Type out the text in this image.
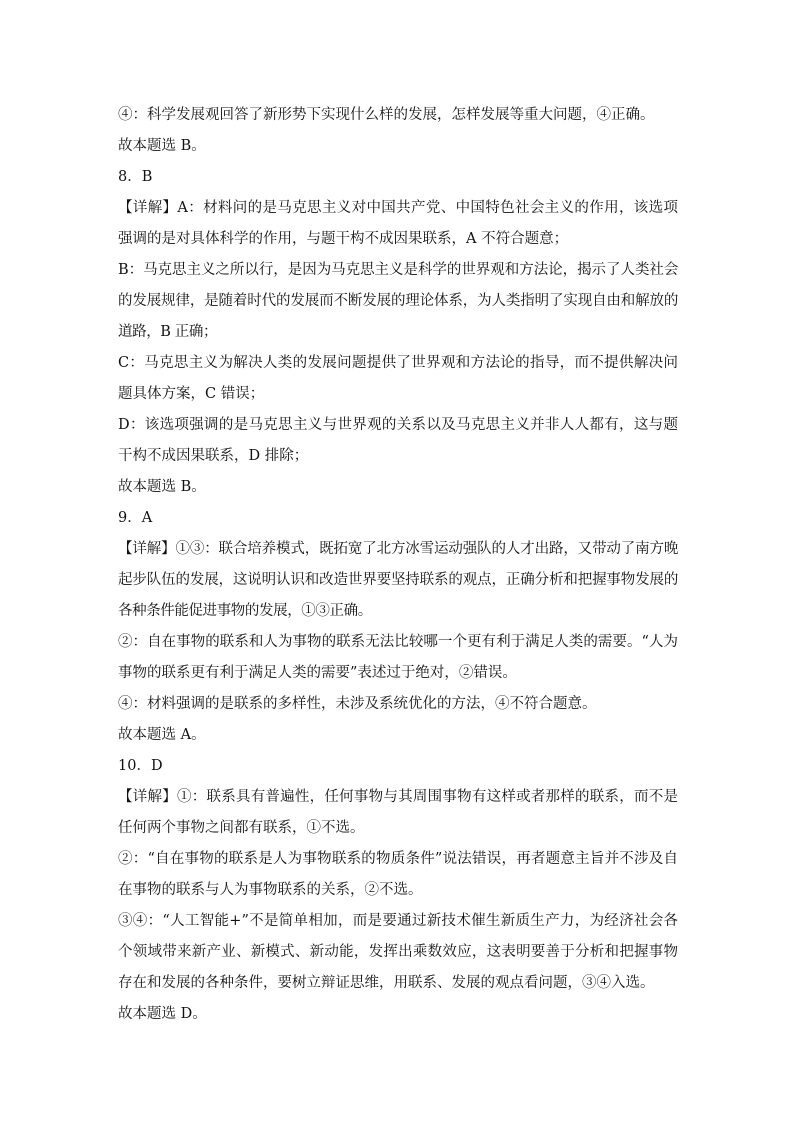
④：科学发展观回答了新形势下实现什么样的发展，怎样发展等重大问题，④正确。

故本题选 B。

8．B

【详解】A：材料问的是马克思主义对中国共产党、中国特色社会主义的作用，该选项强调的是对具体科学的作用，与题干构不成因果联系，A 不符合题意；

B：马克思主义之所以行，是因为马克思主义是科学的世界观和方法论，揭示了人类社会的发展规律，是随着时代的发展而不断发展的理论体系，为人类指明了实现自由和解放的道路，B 正确；

C：马克思主义为解决人类的发展问题提供了世界观和方法论的指导，而不提供解决问题具体方案，C 错误；

D：该选项强调的是马克思主义与世界观的关系以及马克思主义并非人人都有，这与题干构不成因果联系，D 排除；

故本题选 B。

9．A

【详解】①③：联合培养模式，既拓宽了北方冰雪运动强队的人才出路，又带动了南方晚起步队伍的发展，这说明认识和改造世界要坚持联系的观点，正确分析和把握事物发展的各种条件能促进事物的发展，①③正确。

②：自在事物的联系和人为事物的联系无法比较哪一个更有利于满足人类的需要。“人为事物的联系更有利于满足人类的需要”表述过于绝对，②错误。

④：材料强调的是联系的多样性，未涉及系统优化的方法，④不符合题意。

故本题选 A。

10．D

【详解】①：联系具有普遍性，任何事物与其周围事物有这样或者那样的联系，而不是任何两个事物之间都有联系，①不选。

②：“自在事物的联系是人为事物联系的物质条件”说法错误，再者题意主旨并不涉及自在事物的联系与人为事物联系的关系，②不选。

③④：“人工智能+”不是简单相加，而是要通过新技术催生新质生产力，为经济社会各个领域带来新产业、新模式、新动能，发挥出乘数效应，这表明要善于分析和把握事物存在和发展的各种条件，要树立辩证思维，用联系、发展的观点看问题，③④入选。

故本题选 D。
